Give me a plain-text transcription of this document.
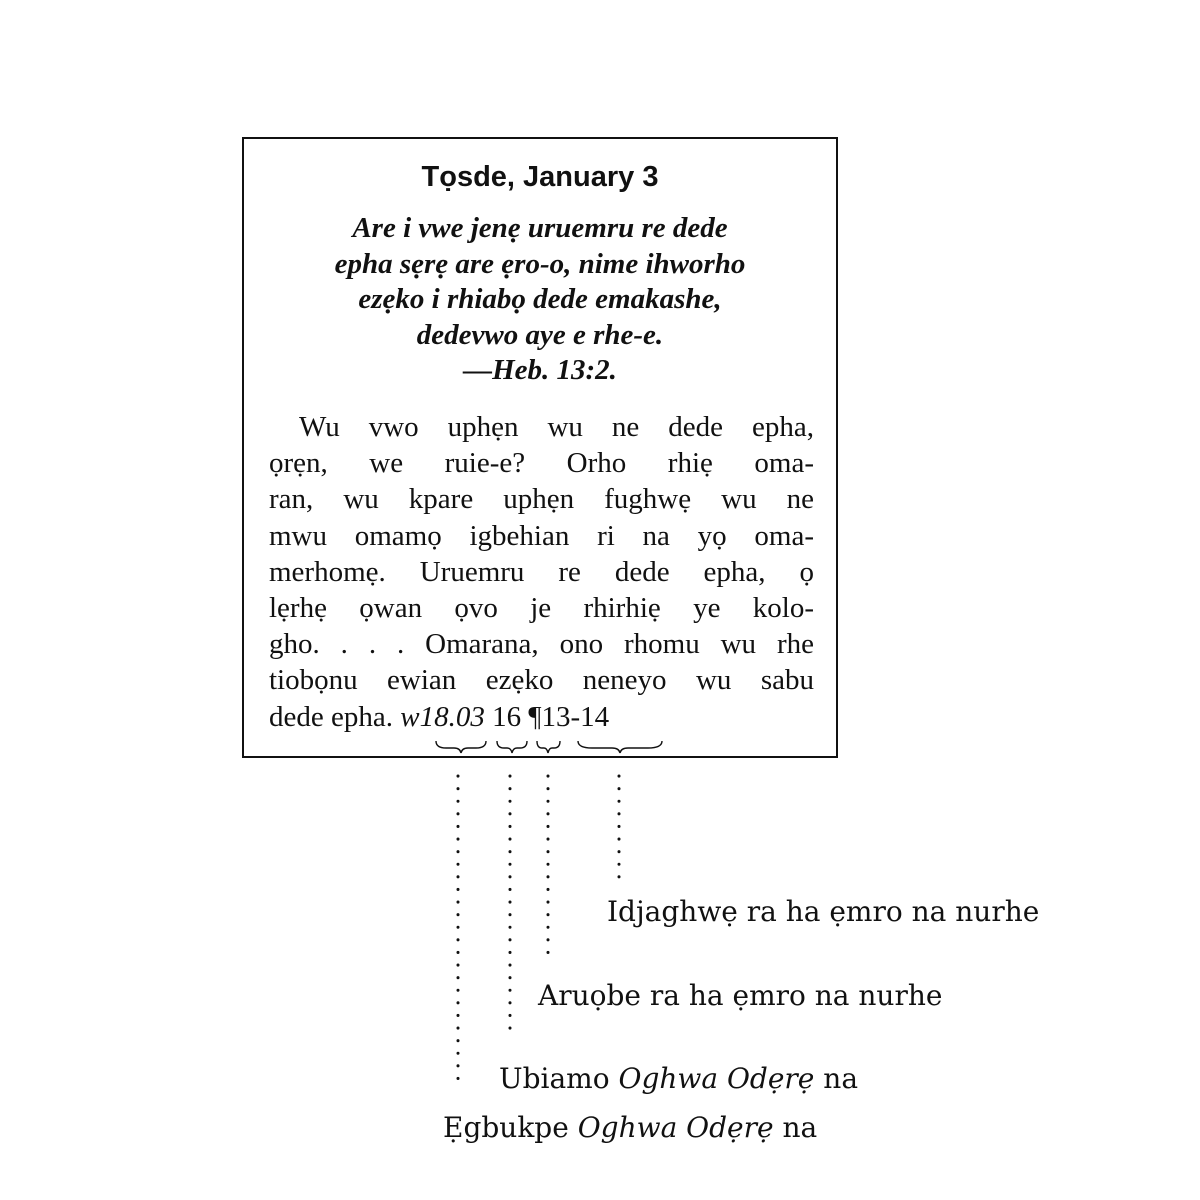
Tọsde, January 3
Are i vwe jenẹ uruemru re dede
epha sẹrẹ are ẹro-o, nime ihworho
ezẹko i rhiabọ dede emakashe,
dedevwo aye e rhe-e.
—Heb. 13:2.
Wu vwo uphẹn wu ne dede epha,
ọrẹn, we ruie-e? Orho rhiẹ oma-
ran, wu kpare uphẹn fughwẹ wu ne
mwu omamọ igbehian ri na yọ oma-
merhomẹ. Uruemru re dede epha, ọ
lẹrhẹ ọwan ọvo je rhirhiẹ ye kolo-
gho. . . . Omarana, ono rhomu wu rhe
tiobọnu ewian ezẹko neneyo wu sabu
dede epha. w18.03 16 ¶13-14
Idjaghwẹ ra ha ẹmro na nurhe
Aruọbe ra ha ẹmro na nurhe
Ubiamo Oghwa Odẹrẹ na
Ẹgbukpe Oghwa Odẹrẹ na
